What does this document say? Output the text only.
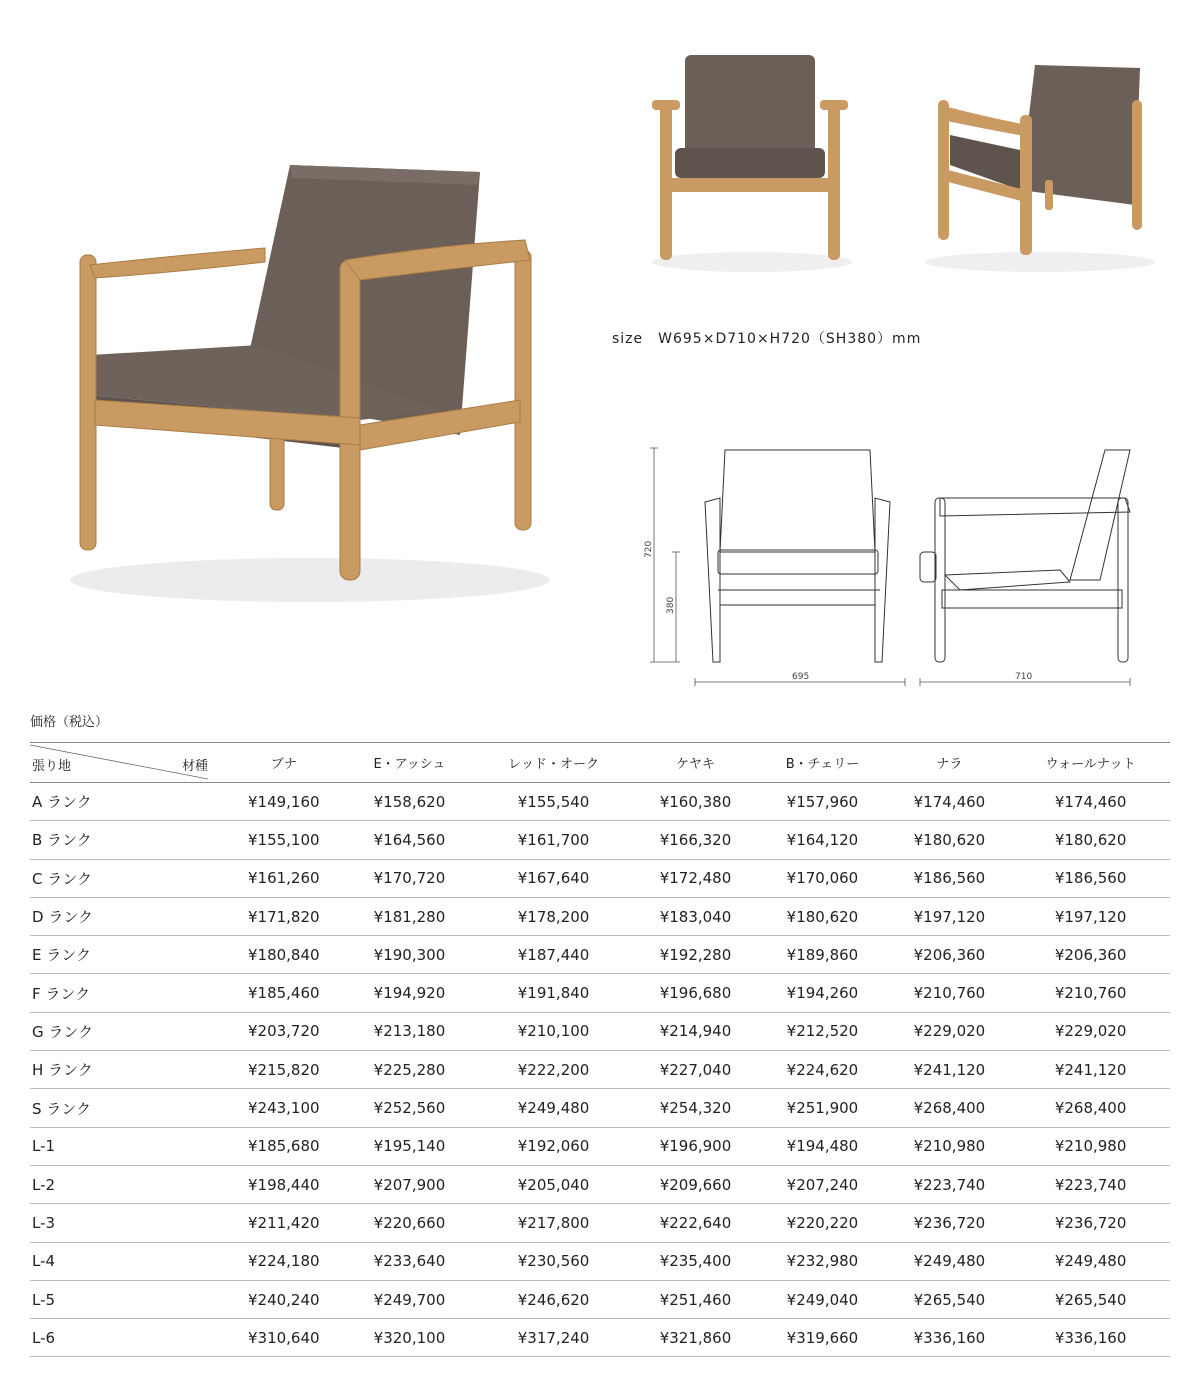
size　W695×D710×H720（SH380）mm
720
380
695	710
価格（税込）
張り地 材種	ブナ	E・アッシュ	レッド・オーク	ケヤキ	B・チェリー	ナラ	ウォールナット
A ランク	¥149,160	¥158,620	¥155,540	¥160,380	¥157,960	¥174,460	¥174,460
B ランク	¥155,100	¥164,560	¥161,700	¥166,320	¥164,120	¥180,620	¥180,620
C ランク	¥161,260	¥170,720	¥167,640	¥172,480	¥170,060	¥186,560	¥186,560
D ランク	¥171,820	¥181,280	¥178,200	¥183,040	¥180,620	¥197,120	¥197,120
E ランク	¥180,840	¥190,300	¥187,440	¥192,280	¥189,860	¥206,360	¥206,360
F ランク	¥185,460	¥194,920	¥191,840	¥196,680	¥194,260	¥210,760	¥210,760
G ランク	¥203,720	¥213,180	¥210,100	¥214,940	¥212,520	¥229,020	¥229,020
H ランク	¥215,820	¥225,280	¥222,200	¥227,040	¥224,620	¥241,120	¥241,120
S ランク	¥243,100	¥252,560	¥249,480	¥254,320	¥251,900	¥268,400	¥268,400
L-1	¥185,680	¥195,140	¥192,060	¥196,900	¥194,480	¥210,980	¥210,980
L-2	¥198,440	¥207,900	¥205,040	¥209,660	¥207,240	¥223,740	¥223,740
L-3	¥211,420	¥220,660	¥217,800	¥222,640	¥220,220	¥236,720	¥236,720
L-4	¥224,180	¥233,640	¥230,560	¥235,400	¥232,980	¥249,480	¥249,480
L-5	¥240,240	¥249,700	¥246,620	¥251,460	¥249,040	¥265,540	¥265,540
L-6	¥310,640	¥320,100	¥317,240	¥321,860	¥319,660	¥336,160	¥336,160
